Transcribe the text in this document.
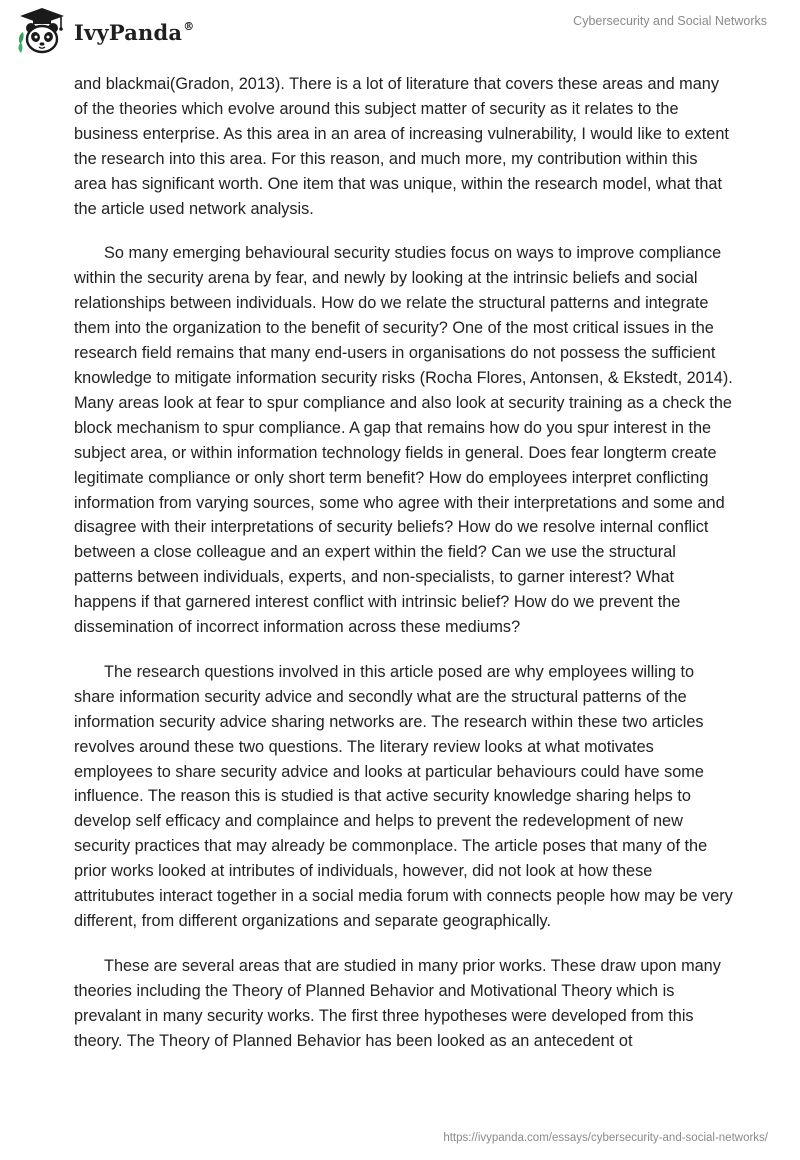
IvyPanda®	Cybersecurity and Social Networks

and blackmai(Gradon, 2013). There is a lot of literature that covers these areas and many of the theories which evolve around this subject matter of security as it relates to the business enterprise. As this area in an area of increasing vulnerability, I would like to extent the research into this area. For this reason, and much more, my contribution within this area has significant worth. One item that was unique, within the research model, what that the article used network analysis.

So many emerging behavioural security studies focus on ways to improve compliance within the security arena by fear, and newly by looking at the intrinsic beliefs and social relationships between individuals. How do we relate the structural patterns and integrate them into the organization to the benefit of security? One of the most critical issues in the research field remains that many end-users in organisations do not possess the sufficient knowledge to mitigate information security risks (Rocha Flores, Antonsen, & Ekstedt, 2014). Many areas look at fear to spur compliance and also look at security training as a check the block mechanism to spur compliance. A gap that remains how do you spur interest in the subject area, or within information technology fields in general. Does fear longterm create legitimate compliance or only short term benefit? How do employees interpret conflicting information from varying sources, some who agree with their interpretations and some and disagree with their interpretations of security beliefs? How do we resolve internal conflict between a close colleague and an expert within the field? Can we use the structural patterns between individuals, experts, and non-specialists, to garner interest? What happens if that garnered interest conflict with intrinsic belief? How do we prevent the dissemination of incorrect information across these mediums?

The research questions involved in this article posed are why employees willing to share information security advice and secondly what are the structural patterns of the information security advice sharing networks are. The research within these two articles revolves around these two questions. The literary review looks at what motivates employees to share security advice and looks at particular behaviours could have some influence. The reason this is studied is that active security knowledge sharing helps to develop self efficacy and complaince and helps to prevent the redevelopment of new security practices that may already be commonplace. The article poses that many of the prior works looked at intributes of individuals, however, did not look at how these attritubutes interact together in a social media forum with connects people how may be very different, from different organizations and separate geographically.

These are several areas that are studied in many prior works. These draw upon many theories including the Theory of Planned Behavior and Motivational Theory which is prevalant in many security works. The first three hypotheses were developed from this theory. The Theory of Planned Behavior has been looked as an antecedent ot

https://ivypanda.com/essays/cybersecurity-and-social-networks/
